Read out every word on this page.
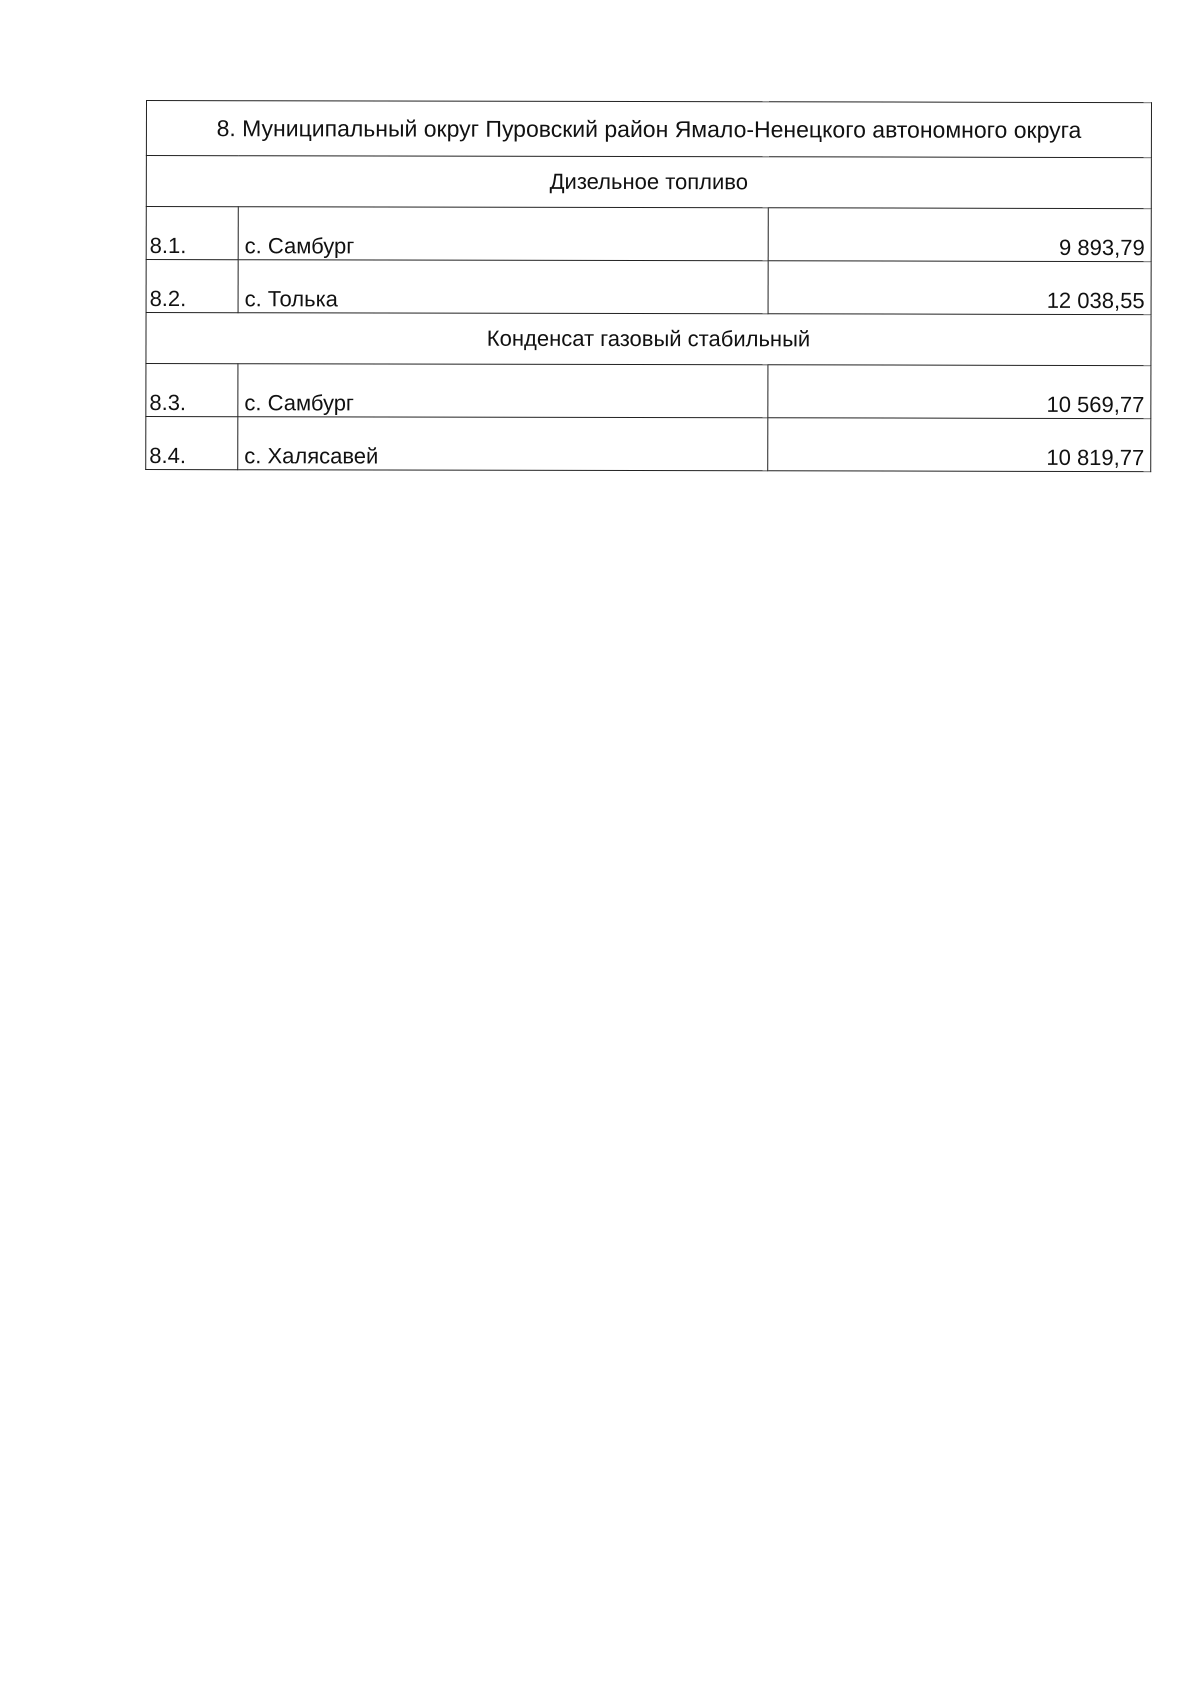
8. Муниципальный округ Пуровский район Ямало-Ненецкого автономного округа		
Дизельное топливо		
8.1.	с. Самбург	9 893,79
8.2.	с. Толька	12 038,55
Конденсат газовый стабильный		
8.3.	с. Самбург	10 569,77
8.4.	с. Халясавей	10 819,77
